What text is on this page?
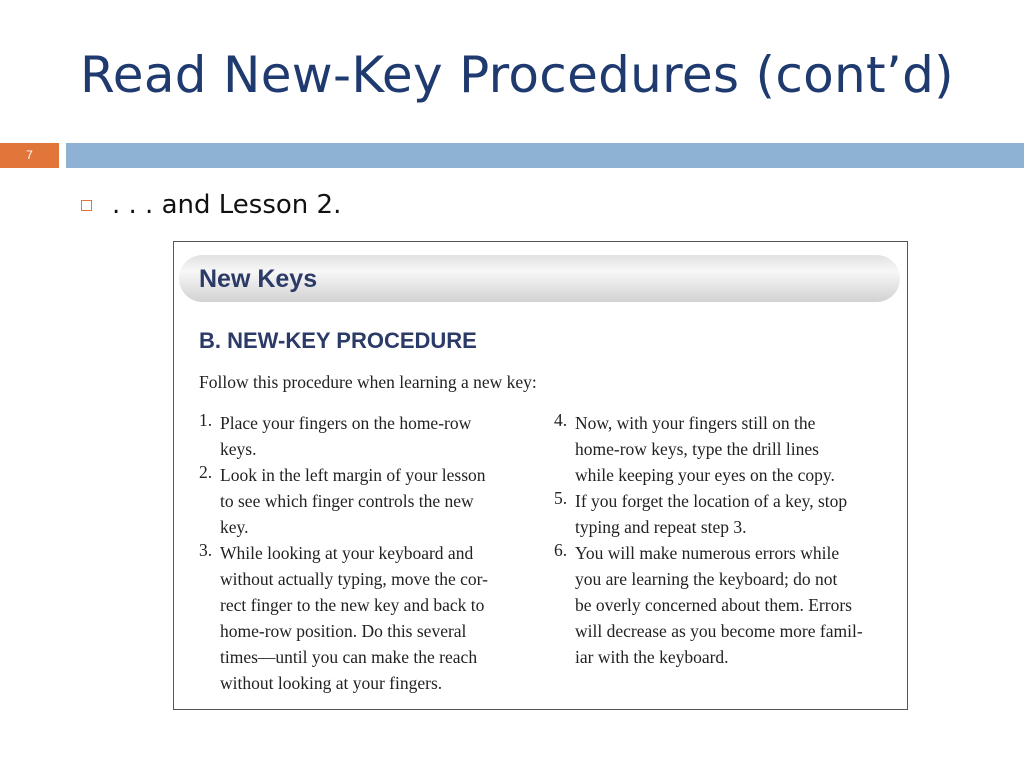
Read New-Key Procedures (cont’d)
7
. . . and Lesson 2.
New Keys
B. NEW-KEY PROCEDURE
Follow this procedure when learning a new key:
1. Place your fingers on the home-row
keys.
2. Look in the left margin of your lesson
to see which finger controls the new
key.
3. While looking at your keyboard and
without actually typing, move the cor-
rect finger to the new key and back to
home-row position. Do this several
times—until you can make the reach
without looking at your fingers.
4. Now, with your fingers still on the
home-row keys, type the drill lines
while keeping your eyes on the copy.
5. If you forget the location of a key, stop
typing and repeat step 3.
6. You will make numerous errors while
you are learning the keyboard; do not
be overly concerned about them. Errors
will decrease as you become more famil-
iar with the keyboard.
